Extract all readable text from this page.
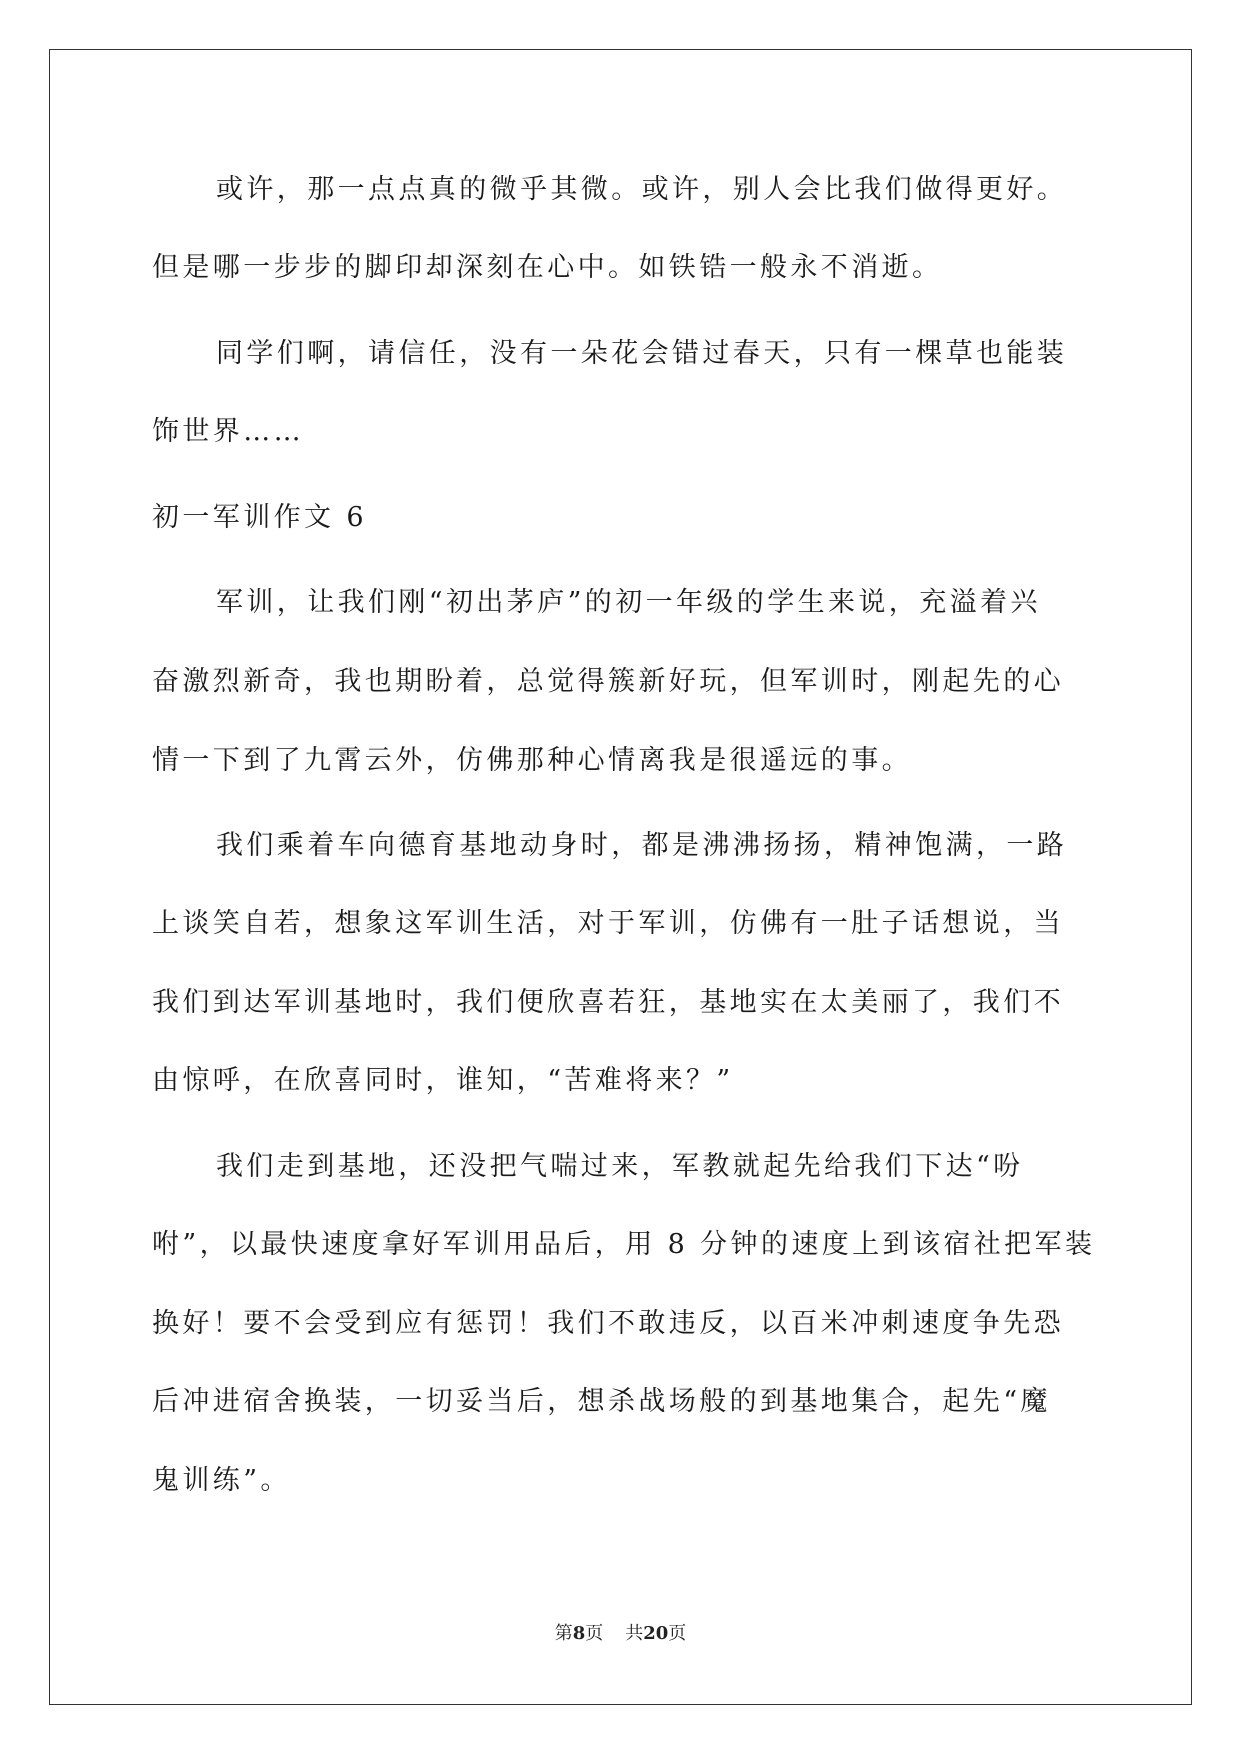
或许，那一点点真的微乎其微。或许，别人会比我们做得更好。
但是哪一步步的脚印却深刻在心中。如铁锆一般永不消逝。
同学们啊，请信任，没有一朵花会错过春天，只有一棵草也能装
饰世界……
初一军训作文 6
军训，让我们刚“初出茅庐”的初一年级的学生来说，充溢着兴
奋激烈新奇，我也期盼着，总觉得簇新好玩，但军训时，刚起先的心
情一下到了九霄云外，仿佛那种心情离我是很遥远的事。
我们乘着车向德育基地动身时，都是沸沸扬扬，精神饱满，一路
上谈笑自若，想象这军训生活，对于军训，仿佛有一肚子话想说，当
我们到达军训基地时，我们便欣喜若狂，基地实在太美丽了，我们不
由惊呼，在欣喜同时，谁知，“苦难将来？”
我们走到基地，还没把气喘过来，军教就起先给我们下达“吩
咐”，以最快速度拿好军训用品后，用 8 分钟的速度上到该宿社把军装
换好！要不会受到应有惩罚！我们不敢违反，以百米冲刺速度争先恐
后冲进宿舍换装，一切妥当后，想杀战场般的到基地集合，起先“魔
鬼训练”。
第8页 共20页
